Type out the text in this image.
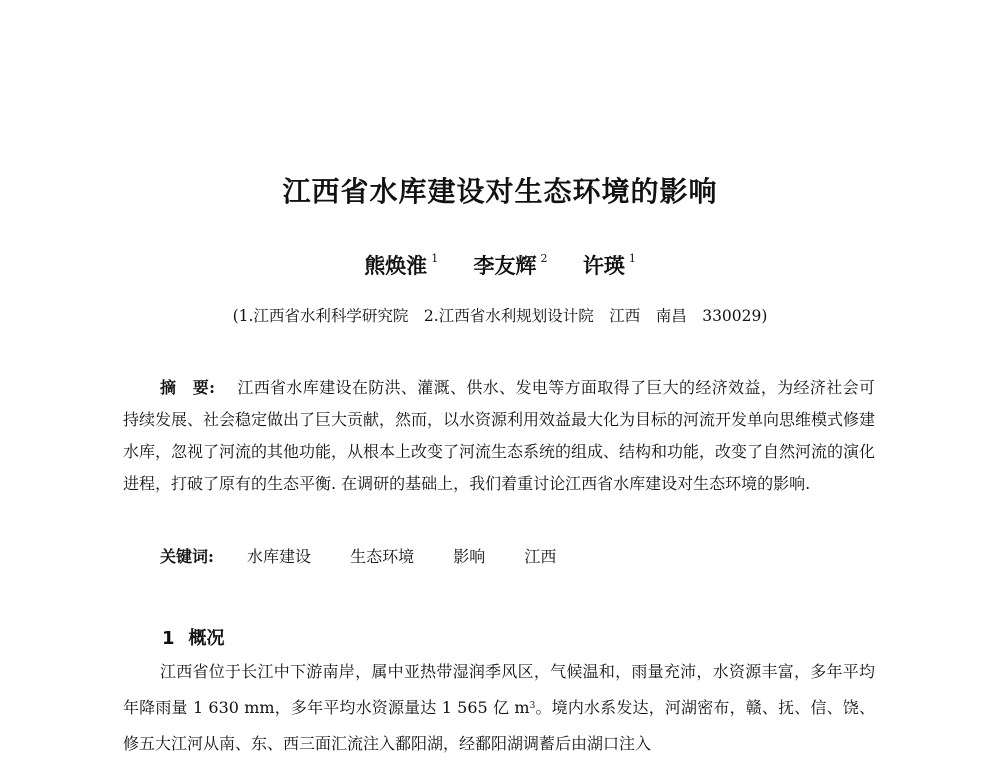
江西省水库建设对生态环境的影响
熊焕淮 $^1$ 李友辉 $^2$ 许瑛 $^1$
(1.江西省水利科学研究院　2.江西省水利规划设计院　江西　南昌　330029)
摘　要: 江西省水库建设在防洪、灌溉、供水、发电等方面取得了巨大的经济效益，为经济社会可持续发展、社会稳定做出了巨大贡献，然而，以水资源利用效益最大化为目标的河流开发单向思维模式修建水库，忽视了河流的其他功能，从根本上改变了河流生态系统的组成、结构和功能，改变了自然河流的演化进程，打破了原有的生态平衡. 在调研的基础上，我们着重讨论江西省水库建设对生态环境的影响.
关键词: 水库建设 生态环境 影响 江西
1 概况
江西省位于长江中下游南岸，属中亚热带湿润季风区，气候温和，雨量充沛，水资源丰富，多年平均年降雨量 1 630 mm，多年平均水资源量达 1 565 亿 $m^3$。境内水系发达，河湖密布，赣、抚、信、饶、修五大江河从南、东、西三面汇流注入鄱阳湖，经鄱阳湖调蓄后由湖口注入
